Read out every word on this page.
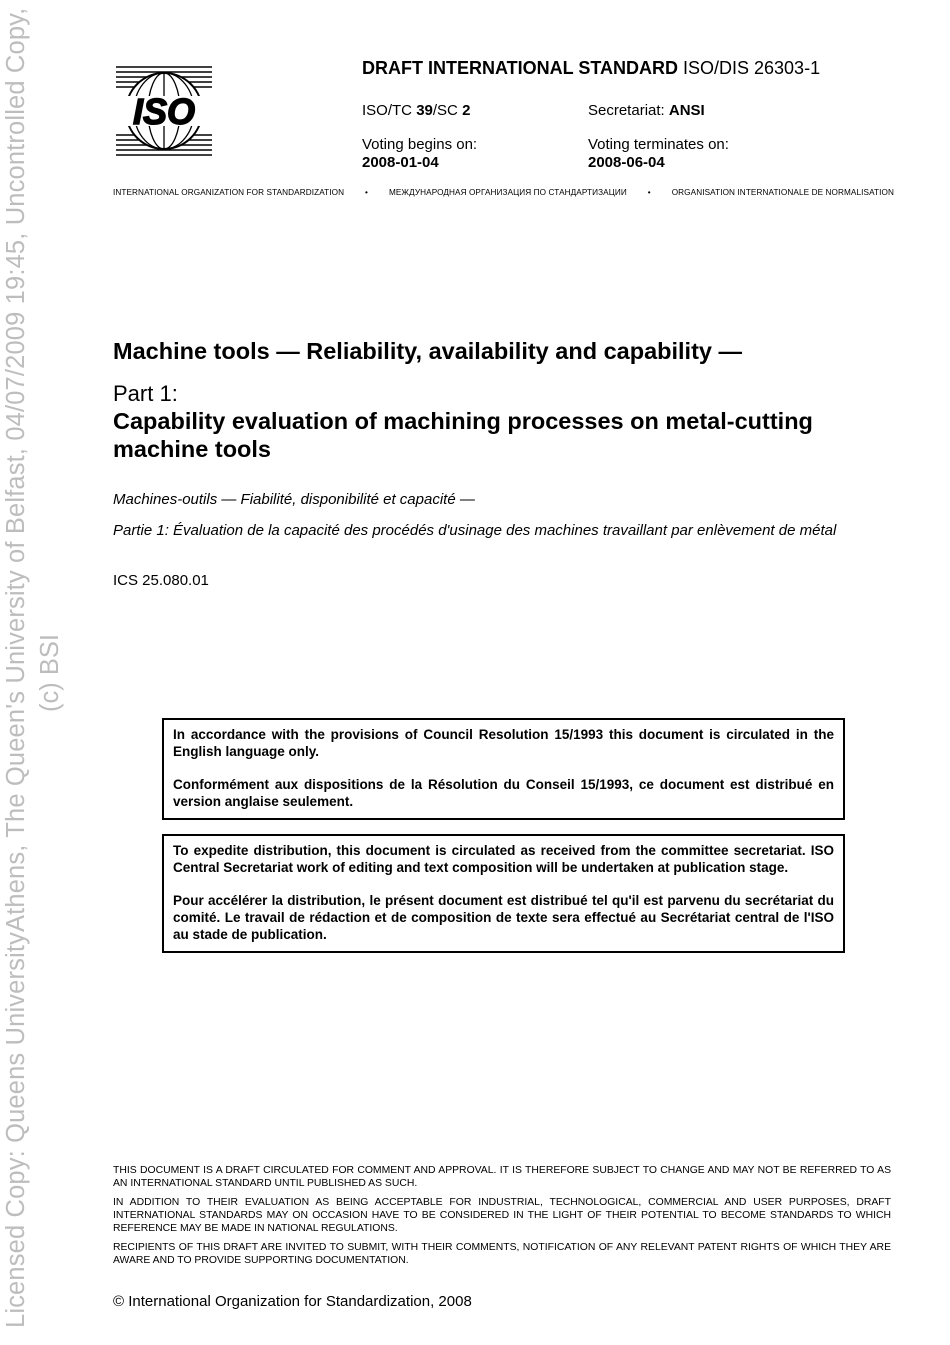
Licensed Copy: Queens UniversityAthens, The Queen's University of Belfast, 04/07/2009 19:45, Uncontrolled Copy, (c) BSI
ISO
DRAFT INTERNATIONAL STANDARD ISO/DIS 26303-1
ISO/TC 39/SC 2	Secretariat: ANSI
Voting begins on:
2008-01-04
Voting terminates on:
2008-06-04
INTERNATIONAL ORGANIZATION FOR STANDARDIZATION	•	МЕЖДУНАРОДНАЯ ОРГАНИЗАЦИЯ ПО СТАНДАРТИЗАЦИИ	•	ORGANISATION INTERNATIONALE DE NORMALISATION
Machine tools — Reliability, availability and capability —
Part 1:
Capability evaluation of machining processes on metal-cutting machine tools
Machines-outils — Fiabilité, disponibilité et capacité —
Partie 1: Évaluation de la capacité des procédés d'usinage des machines travaillant par enlèvement de métal
ICS 25.080.01

In accordance with the provisions of Council Resolution 15/1993 this document is circulated in the English language only.

Conformément aux dispositions de la Résolution du Conseil 15/1993, ce document est distribué en version anglaise seulement.

To expedite distribution, this document is circulated as received from the committee secretariat. ISO Central Secretariat work of editing and text composition will be undertaken at publication stage.

Pour accélérer la distribution, le présent document est distribué tel qu'il est parvenu du secrétariat du comité. Le travail de rédaction et de composition de texte sera effectué au Secrétariat central de l'ISO au stade de publication.

THIS DOCUMENT IS A DRAFT CIRCULATED FOR COMMENT AND APPROVAL. IT IS THEREFORE SUBJECT TO CHANGE AND MAY NOT BE REFERRED TO AS AN INTERNATIONAL STANDARD UNTIL PUBLISHED AS SUCH.

IN ADDITION TO THEIR EVALUATION AS BEING ACCEPTABLE FOR INDUSTRIAL, TECHNOLOGICAL, COMMERCIAL AND USER PURPOSES, DRAFT INTERNATIONAL STANDARDS MAY ON OCCASION HAVE TO BE CONSIDERED IN THE LIGHT OF THEIR POTENTIAL TO BECOME STANDARDS TO WHICH REFERENCE MAY BE MADE IN NATIONAL REGULATIONS.

RECIPIENTS OF THIS DRAFT ARE INVITED TO SUBMIT, WITH THEIR COMMENTS, NOTIFICATION OF ANY RELEVANT PATENT RIGHTS OF WHICH THEY ARE AWARE AND TO PROVIDE SUPPORTING DOCUMENTATION.

© International Organization for Standardization, 2008
